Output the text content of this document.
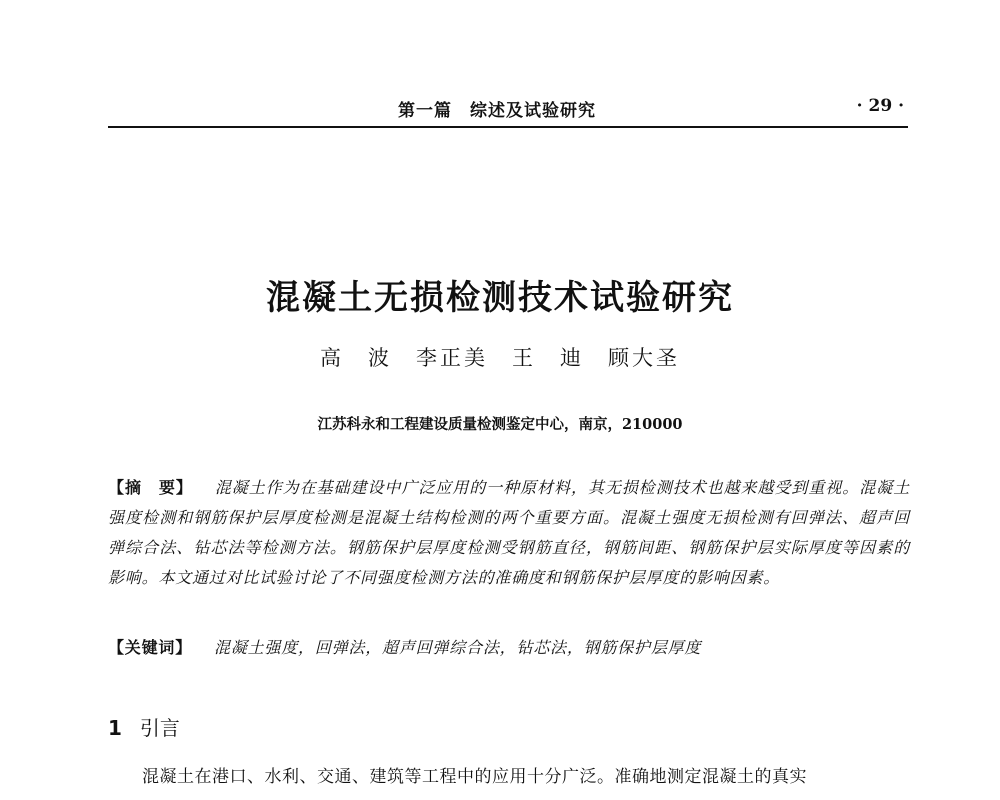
第一篇　综述及试验研究	· 29 ·
混凝土无损检测技术试验研究
高　波　李正美　王　迪　顾大圣
江苏科永和工程建设质量检测鉴定中心，南京，210000
【摘　要】 混凝土作为在基础建设中广泛应用的一种原材料，其无损检测技术也越来越受到重视。混凝土强度检测和钢筋保护层厚度检测是混凝土结构检测的两个重要方面。混凝土强度无损检测有回弹法、超声回弹综合法、钻芯法等检测方法。钢筋保护层厚度检测受钢筋直径，钢筋间距、钢筋保护层实际厚度等因素的影响。本文通过对比试验讨论了不同强度检测方法的准确度和钢筋保护层厚度的影响因素。
【关键词】 混凝土强度，回弹法，超声回弹综合法，钻芯法，钢筋保护层厚度
1 引言
混凝土在港口、水利、交通、建筑等工程中的应用十分广泛。准确地测定混凝土的真实
